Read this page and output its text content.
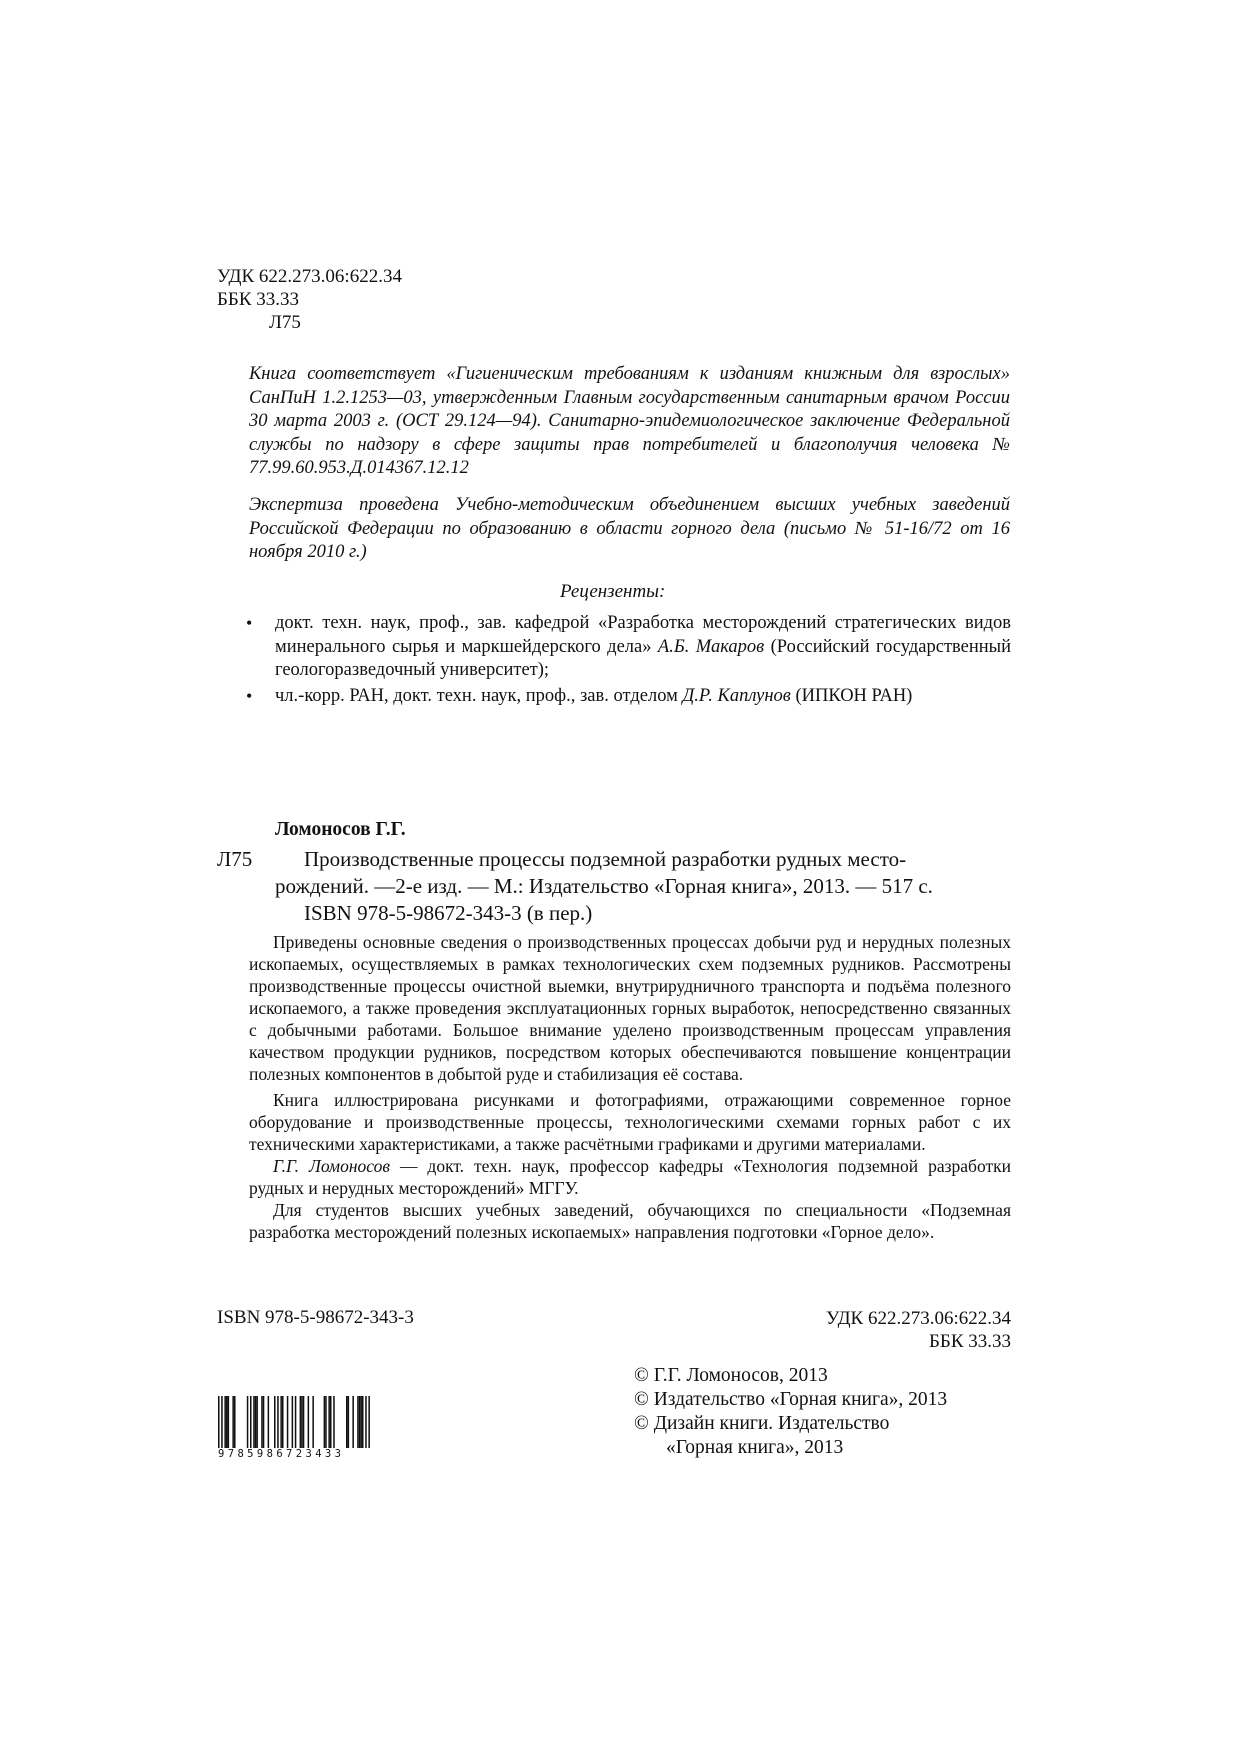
УДК 622.273.06:622.34
ББК 33.33
Л75
Книга соответствует «Гигиеническим требованиям к изданиям книжным для взрослых» СанПиН 1.2.1253—03, утвержденным Главным государственным санитарным врачом России 30 марта 2003 г. (ОСТ 29.124—94). Санитарно-эпидемиологическое заключение Федеральной службы по надзору в сфере защиты прав потребителей и благополучия человека № 77.99.60.953.Д.014367.12.12
Экспертиза проведена Учебно-методическим объединением высших учебных заведений Российской Федерации по образованию в области горного дела (письмо № 51-16/72 от 16 ноября 2010 г.)
Рецензенты:
• докт. техн. наук, проф., зав. кафедрой «Разработка месторождений стратегических видов минерального сырья и маркшейдерского дела» А.Б. Макаров (Российский государственный геологоразведочный университет);
• чл.-корр. РАН, докт. техн. наук, проф., зав. отделом Д.Р. Каплунов (ИПКОН РАН)
Ломоносов Г.Г.
Л75 Производственные процессы подземной разработки рудных место-
рождений. —2-е изд. — М.: Издательство «Горная книга», 2013. — 517 с.
ISBN 978-5-98672-343-3 (в пер.)

Приведены основные сведения о производственных процессах добычи руд и нерудных полезных ископаемых, осуществляемых в рамках технологических схем подземных рудников. Рассмотрены производственные процессы очистной выемки, внутрирудничного транспорта и подъёма полезного ископаемого, а также проведения эксплуатационных горных выработок, непосредственно связанных с добычными работами. Большое внимание уделено производственным процессам управления качеством продукции рудников, посредством которых обеспечиваются повышение концентрации полезных компонентов в добытой руде и стабилизация её состава.

Книга иллюстрирована рисунками и фотографиями, отражающими современное горное оборудование и производственные процессы, технологическими схемами горных работ с их техническими характеристиками, а также расчётными графиками и другими материалами.

Г.Г. Ломоносов — докт. техн. наук, профессор кафедры «Технология подземной разработки рудных и нерудных месторождений» МГГУ.

Для студентов высших учебных заведений, обучающихся по специальности «Подземная разработка месторождений полезных ископаемых» направления подготовки «Горное дело».

ISBN 978-5-98672-343-3	УДК 622.273.06:622.34
ББК 33.33
© Г.Г. Ломоносов, 2013
© Издательство «Горная книга», 2013
© Дизайн книги. Издательство
«Горная книга», 2013
9785986723433
